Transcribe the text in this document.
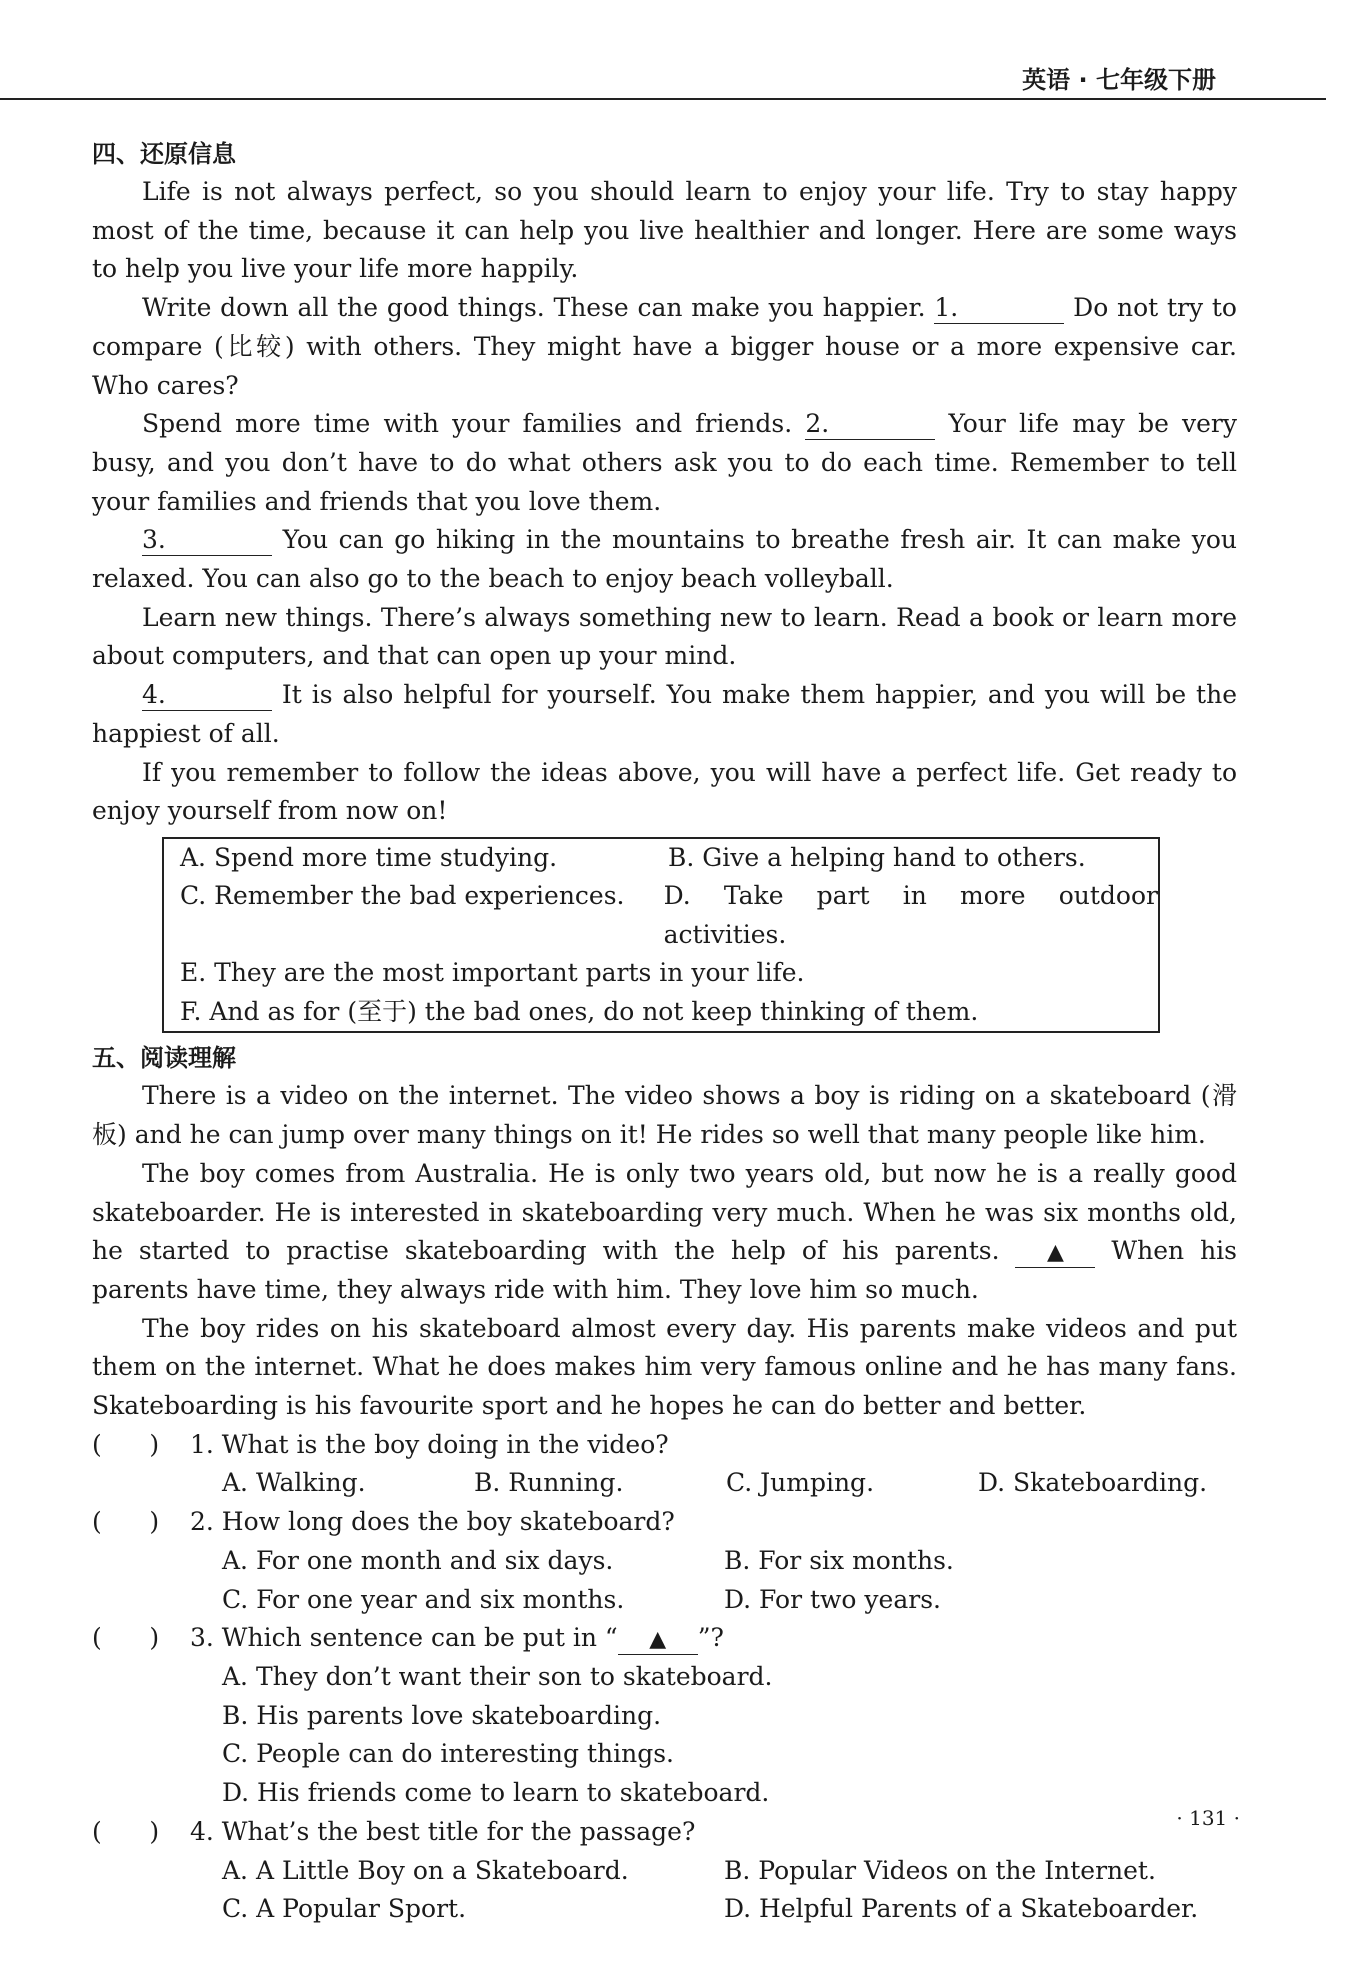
英语 · 七年级下册
四、还原信息

Life is not always perfect, so you should learn to enjoy your life. Try to stay happy most of the time, because it can help you live healthier and longer. Here are some ways to help you live your life more happily.

Write down all the good things. These can make you happier. 1.	Do not try to compare (比较) with others. They might have a bigger house or a more expensive car. Who cares?

Spend more time with your families and friends. 2.	Your life may be very busy, and you don’t have to do what others ask you to do each time. Remember to tell your families and friends that you love them.

3.	You can go hiking in the mountains to breathe fresh air. It can make you relaxed. You can also go to the beach to enjoy beach volleyball.

Learn new things. There’s always something new to learn. Read a book or learn more about computers, and that can open up your mind.

4.	It is also helpful for yourself. You make them happier, and you will be the happiest of all.

If you remember to follow the ideas above, you will have a perfect life. Get ready to enjoy yourself from now on!

A. Spend more time studying.	B. Give a helping hand to others.
C. Remember the bad experiences.	D. Take part in more outdoor activities.
E. They are the most important parts in your life.
F. And as for (至于) the bad ones, do not keep thinking of them.
五、阅读理解

There is a video on the internet. The video shows a boy is riding on a skateboard (滑板) and he can jump over many things on it! He rides so well that many people like him.

The boy comes from Australia. He is only two years old, but now he is a really good skateboarder. He is interested in skateboarding very much. When he was six months old, he started to practise skateboarding with the help of his parents. ▲ When his parents have time, they always ride with him. They love him so much.

The boy rides on his skateboard almost every day. His parents make videos and put them on the internet. What he does makes him very famous online and he has many fans. Skateboarding is his favourite sport and he hopes he can do better and better.

(      )	1. What is the boy doing in the video?
A. Walking.	B. Running.	C. Jumping.	D. Skateboarding.
(      )	2. How long does the boy skateboard?
A. For one month and six days.	B. For six months.
C. For one year and six months.	D. For two years.
(      )	3. Which sentence can be put in “ ▲ ”?
A. They don’t want their son to skateboard.
B. His parents love skateboarding.
C. People can do interesting things.
D. His friends come to learn to skateboard.
(      )	4. What’s the best title for the passage?
A. A Little Boy on a Skateboard.	B. Popular Videos on the Internet.
C. A Popular Sport.	D. Helpful Parents of a Skateboarder.
· 131 ·
